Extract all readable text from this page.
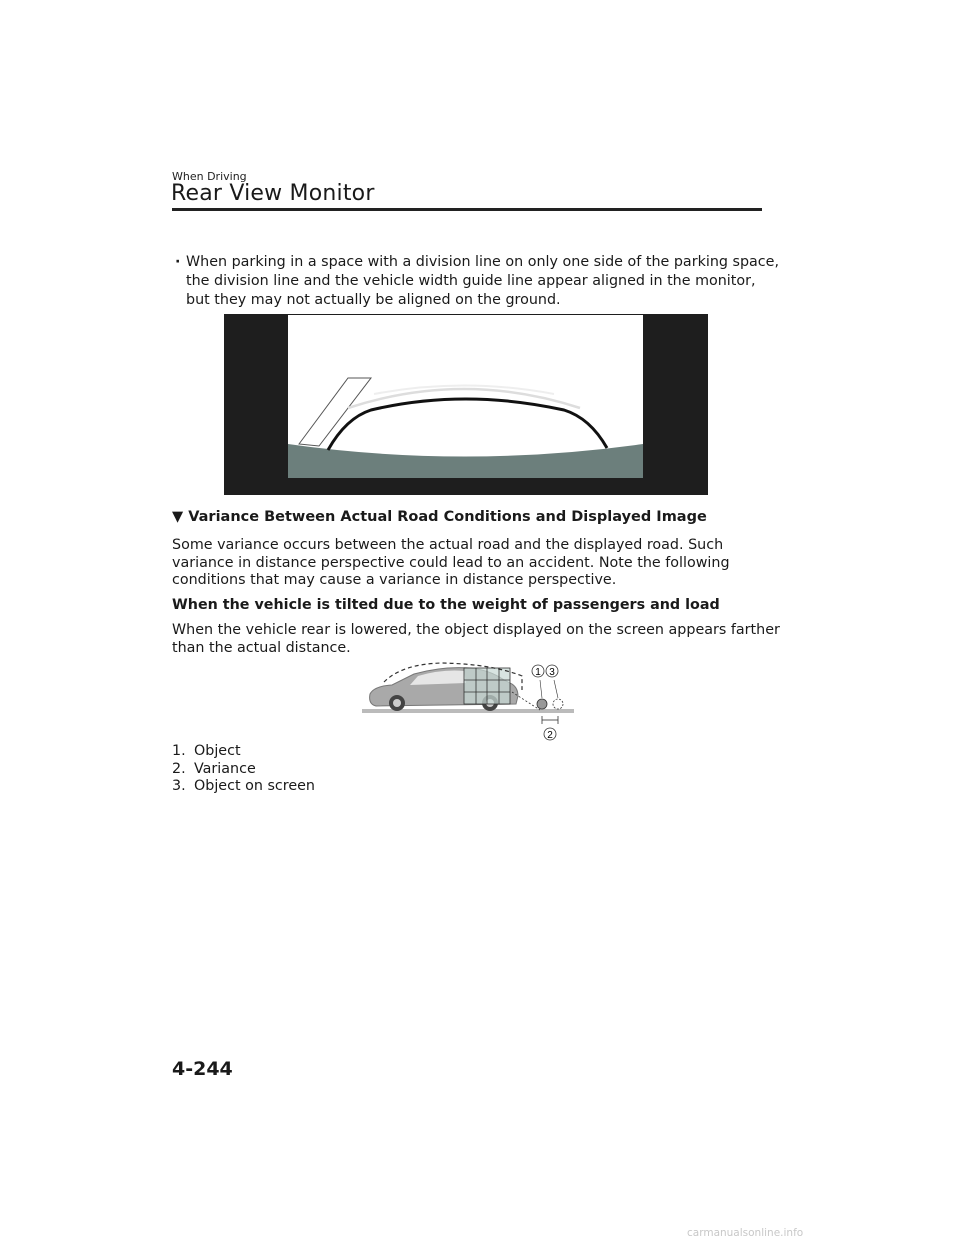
When Driving
Rear View Monitor
· When parking in a space with a division line on only one side of the parking space,
the division line and the vehicle width guide line appear aligned in the monitor,
but they may not actually be aligned on the ground.
▼ Variance Between Actual Road Conditions and Displayed Image
Some variance occurs between the actual road and the displayed road. Such
variance in distance perspective could lead to an accident. Note the following
conditions that may cause a variance in distance perspective.
When the vehicle is tilted due to the weight of passengers and load
When the vehicle rear is lowered, the object displayed on the screen appears farther
than the actual distance.
1 3
2
1. Object
2. Variance
3. Object on screen
4-244
carmanualsonline.info
